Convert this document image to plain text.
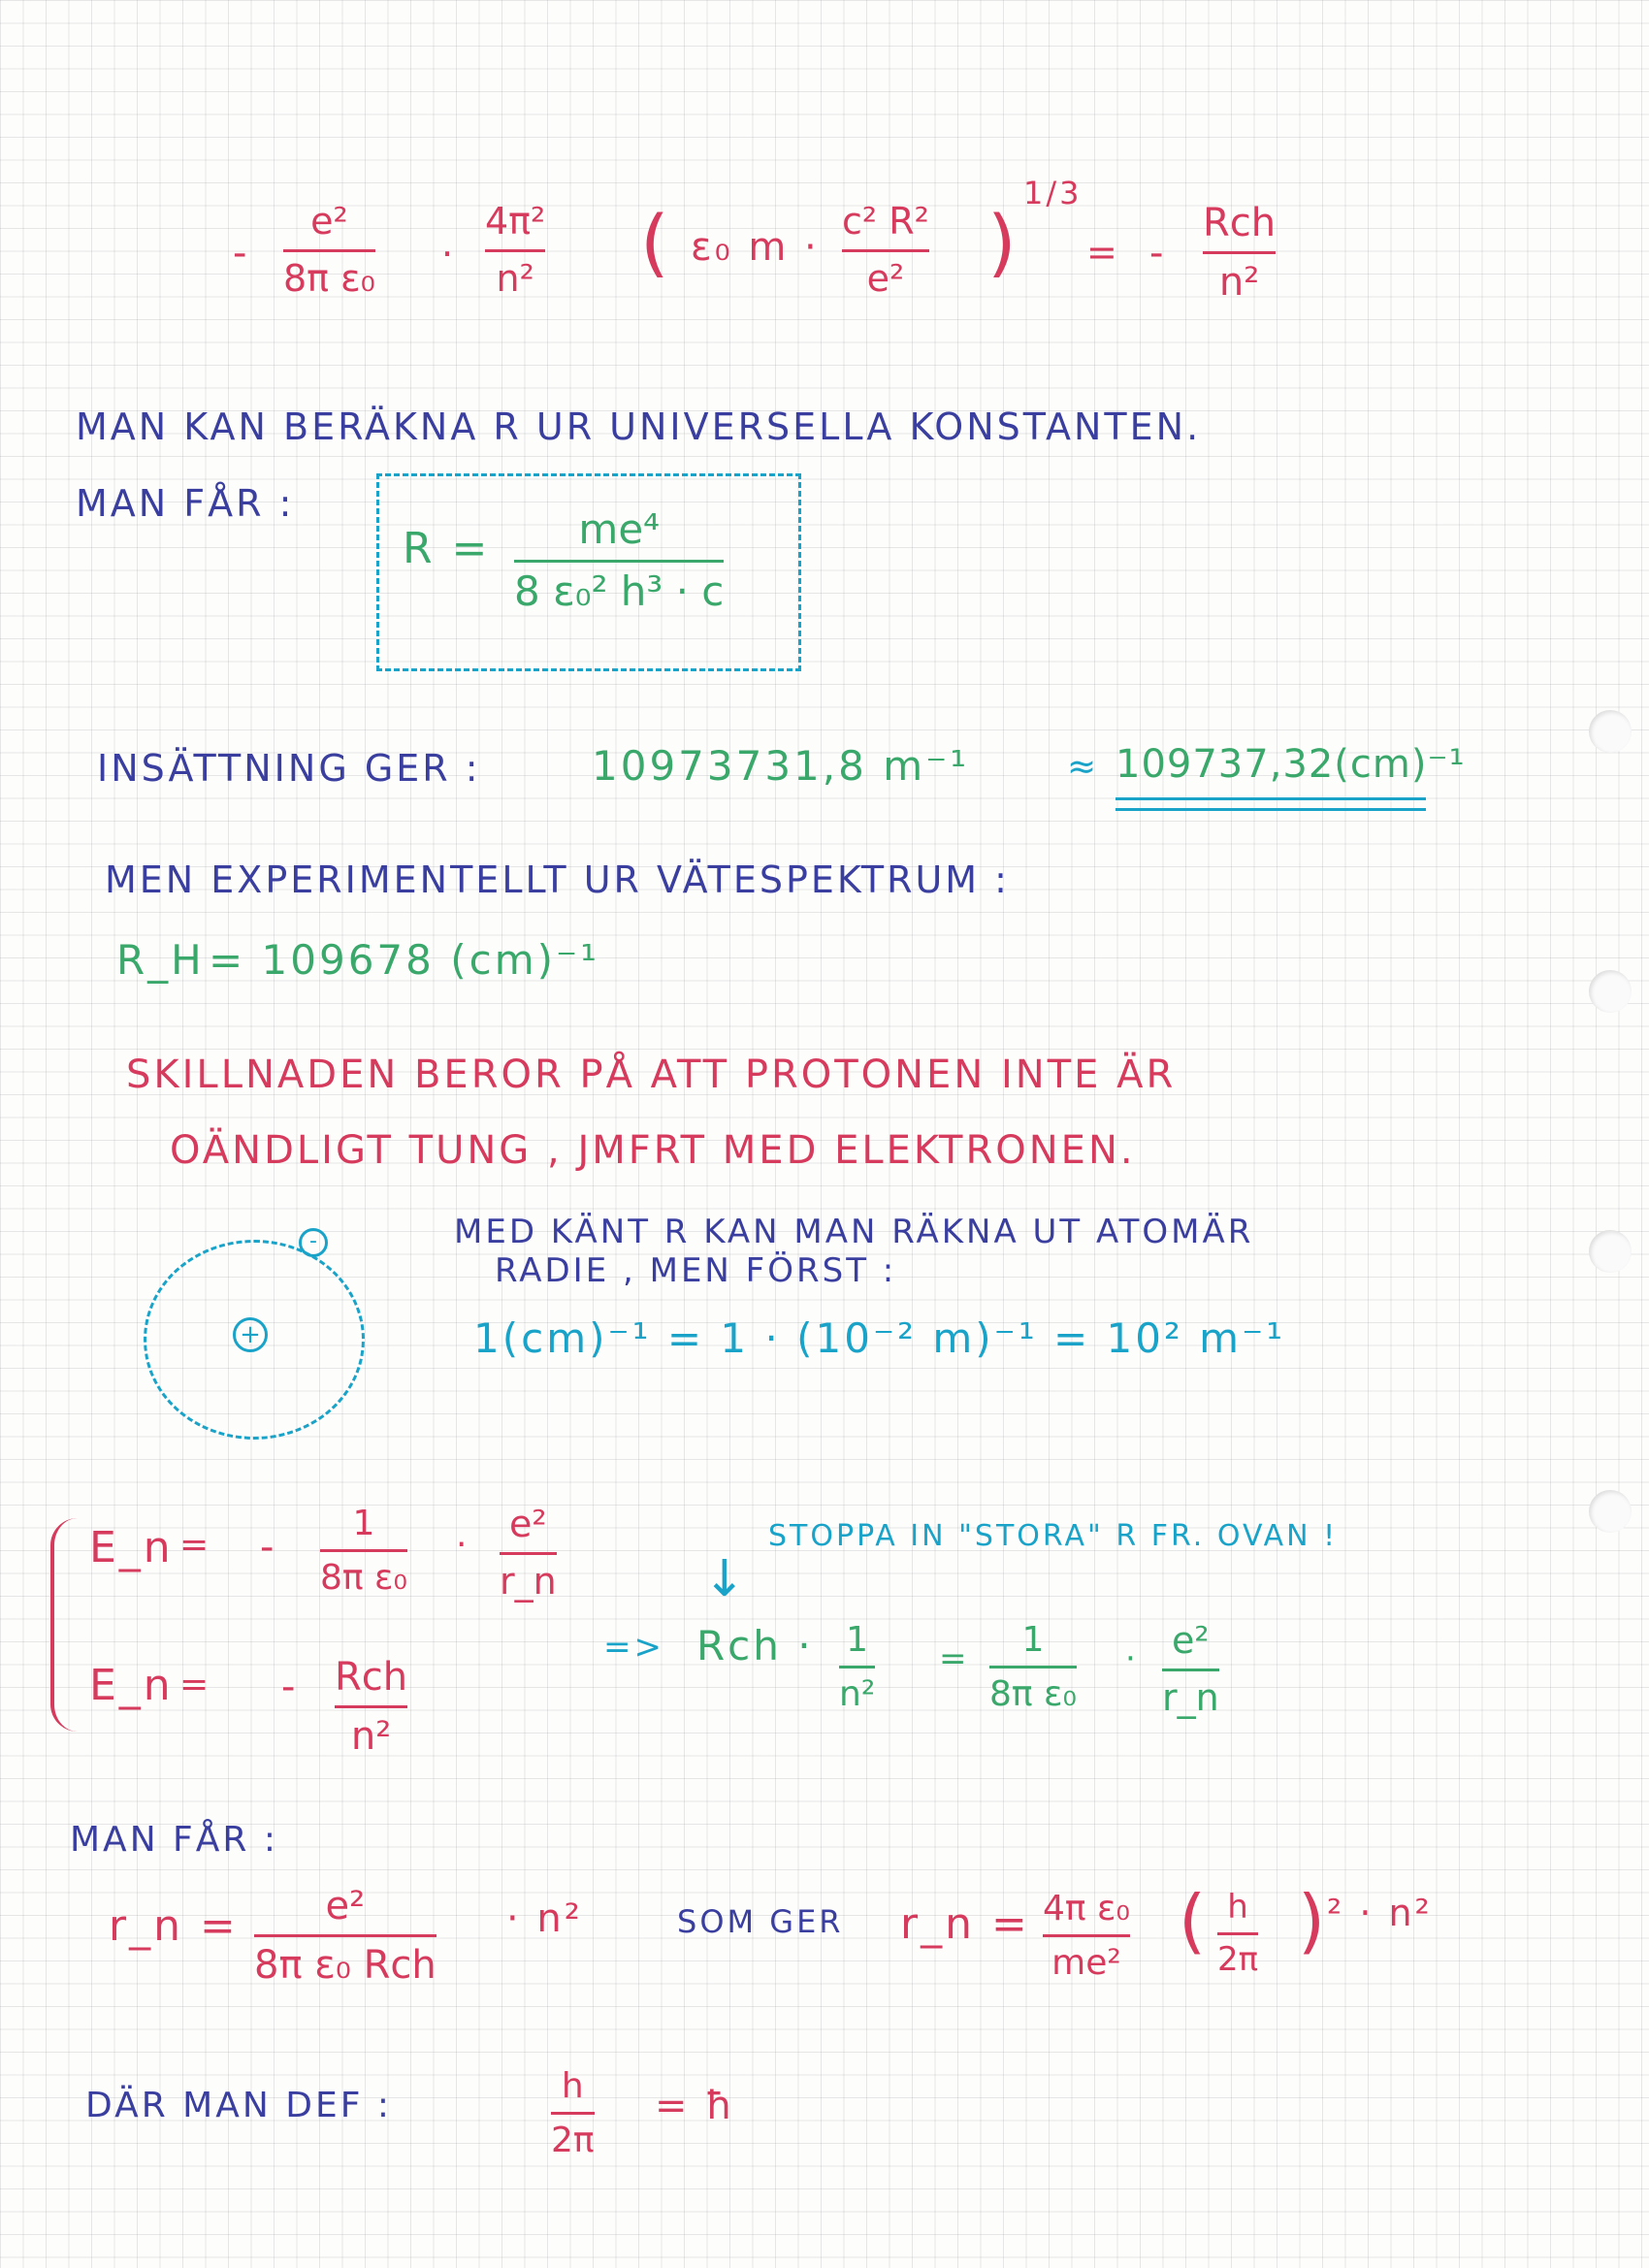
-
e²
8π ε₀
·
4π²
n² ( ε₀ m ·
c² R²
e² )
1/3
= -
Rch
n²
MAN KAN BERÄKNA R UR UNIVERSELLA KONSTANTEN.
MAN FÅR :
R = me⁴
8 ε₀² h³ · c
INSÄTTNING GER :	10973731,8 m⁻¹	≈ 109737,32(cm)⁻¹
MEN EXPERIMENTELLT UR VÄTESPEKTRUM :
R_H = 109678 (cm)⁻¹
SKILLNADEN BEROR PÅ ATT PROTONEN INTE ÄR
OÄNDLIGT TUNG , JMFRT MED ELEKTRONEN.
+
-	MED KÄNT R KAN MAN RÄKNA UT ATOMÄR
RADIE , MEN FÖRST :
1(cm)⁻¹ = 1 · (10⁻² m)⁻¹ = 10² m⁻¹
E_n = -
1
8π ε₀
· e²
r_n
E_n = - Rch
n²
STOPPA IN "STORA" R FR. OVAN !
↓
=> Rch · 1
n²
= 1
8π ε₀
· e²
r_n
MAN FÅR :
r_n = e²
8π ε₀ Rch
· n²	SOM GER r_n = 4π ε₀
me²
( h
2π ) ² · n²
DÄR MAN DEF :	h
2π
= ħ
